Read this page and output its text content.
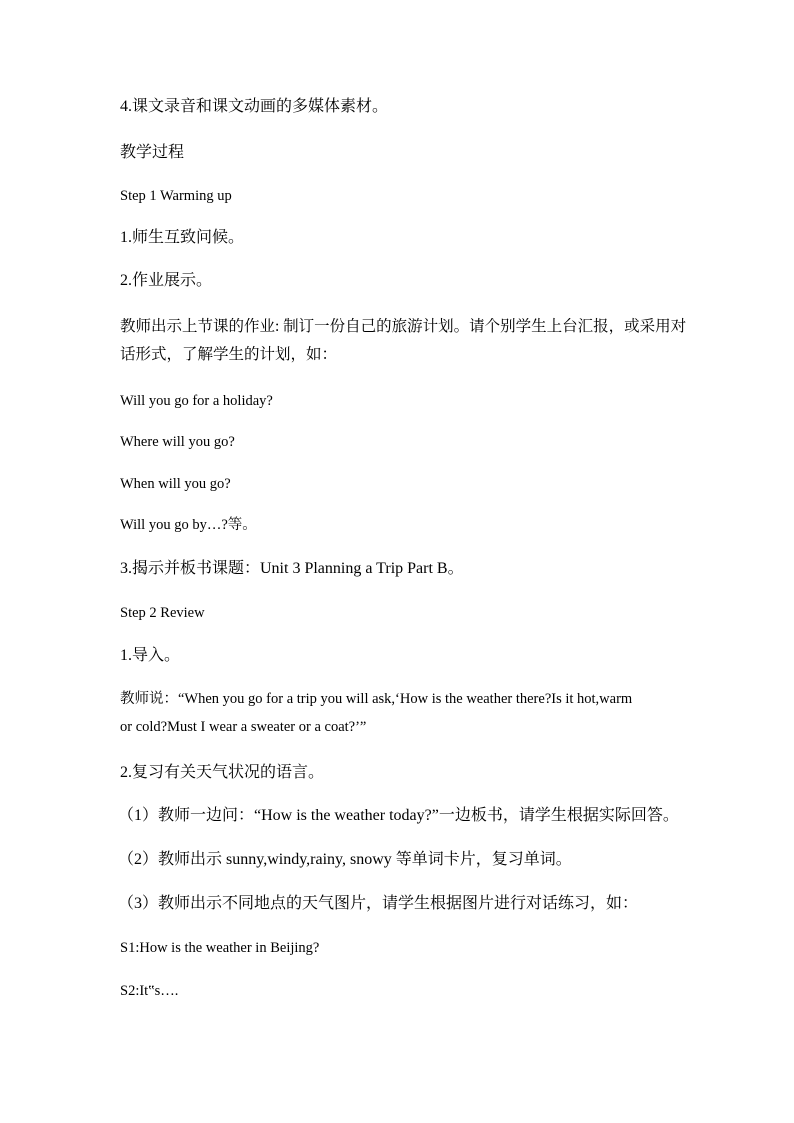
4.课文录音和课文动画的多媒体素材。
教学过程
Step 1 Warming up
1.师生互致问候。
2.作业展示。
教师出示上节课的作业: 制订一份自己的旅游计划。请个别学生上台汇报，或采用对话形式，了解学生的计划，如：
Will you go for a holiday?
Where will you go?
When will you go?
Will you go by…?等。
3.揭示并板书课题：Unit 3 Planning a Trip Part B。
Step 2 Review
1.导入。
教师说：“When you go for a trip you will ask,‘How is the weather there?Is it hot,warm or cold?Must I wear a sweater or a coat?’”
2.复习有关天气状况的语言。
（1）教师一边问：“How is the weather today?”一边板书，请学生根据实际回答。
（2）教师出示 sunny,windy,rainy, snowy 等单词卡片，复习单词。
（3）教师出示不同地点的天气图片，请学生根据图片进行对话练习，如：
S1:How is the weather in Beijing?
S2:It‟s….
